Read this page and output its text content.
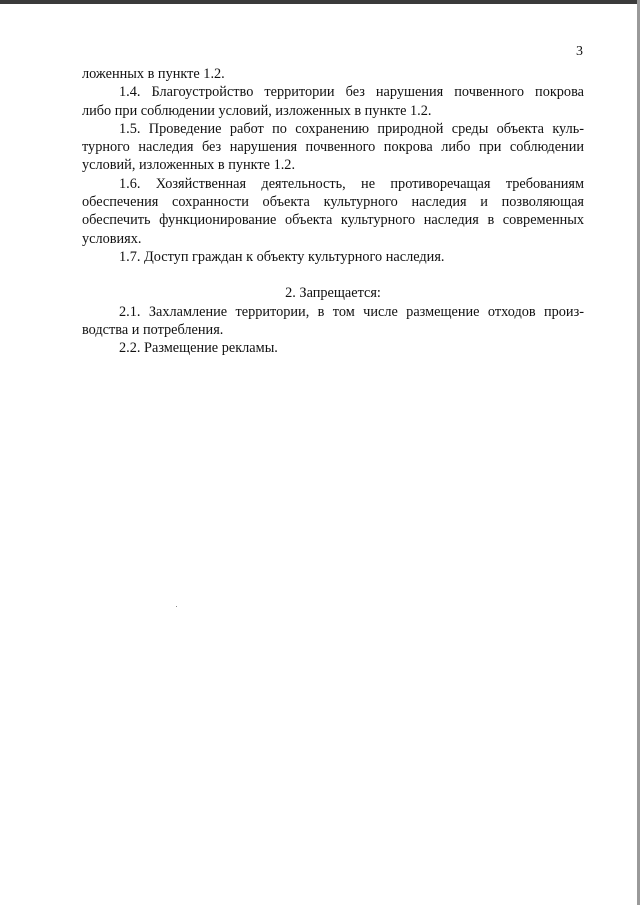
3

ложенных в пункте 1.2.

1.4. Благоустройство территории без нарушения почвенного покрова
либо при соблюдении условий, изложенных в пункте 1.2.

1.5. Проведение работ по сохранению природной среды объекта куль-
турного наследия без нарушения почвенного покрова либо при соблюдении
условий, изложенных в пункте 1.2.

1.6. Хозяйственная деятельность, не противоречащая требованиям
обеспечения сохранности объекта культурного наследия и позволяющая
обеспечить функционирование объекта культурного наследия в современных
условиях.

1.7. Доступ граждан к объекту культурного наследия.

2. Запрещается:

2.1. Захламление территории, в том числе размещение отходов произ-
водства и потребления.

2.2. Размещение рекламы.
